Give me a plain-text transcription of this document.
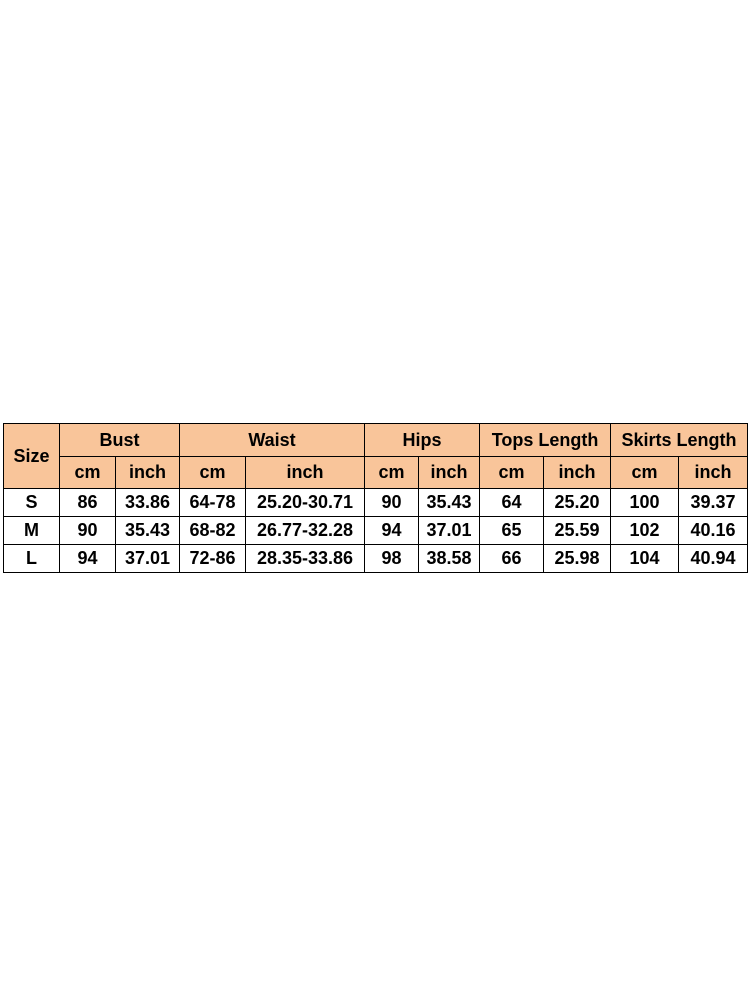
Size	Bust		Waist		Hips		Tops Length		Skirts Length	
	cm	inch	cm	inch	cm	inch	cm	inch	cm	inch
S	86	33.86	64-78	25.20-30.71	90	35.43	64	25.20	100	39.37
M	90	35.43	68-82	26.77-32.28	94	37.01	65	25.59	102	40.16
L	94	37.01	72-86	28.35-33.86	98	38.58	66	25.98	104	40.94
